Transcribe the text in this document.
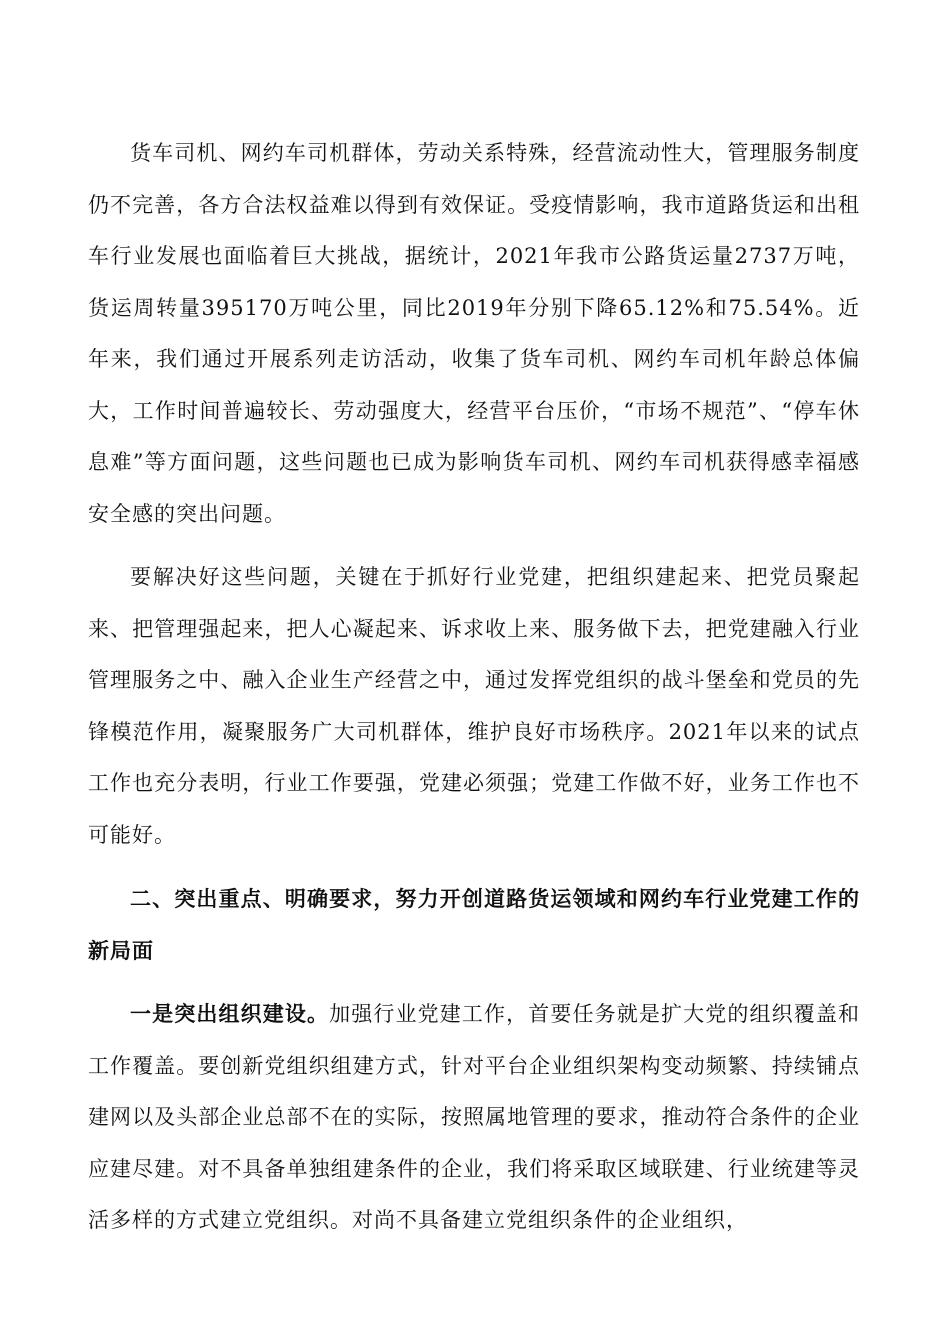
货车司机、网约车司机群体，劳动关系特殊，经营流动性大，管理服务制度仍不完善，各方合法权益难以得到有效保证。受疫情影响，我市道路货运和出租车行业发展也面临着巨大挑战，据统计，2021年我市公路货运量2737万吨，货运周转量395170万吨公里，同比2019年分别下降65.12%和75.54%。近年来，我们通过开展系列走访活动，收集了货车司机、网约车司机年龄总体偏大，工作时间普遍较长、劳动强度大，经营平台压价，“市场不规范”、“停车休息难”等方面问题，这些问题也已成为影响货车司机、网约车司机获得感幸福感安全感的突出问题。

要解决好这些问题，关键在于抓好行业党建，把组织建起来、把党员聚起来、把管理强起来，把人心凝起来、诉求收上来、服务做下去，把党建融入行业管理服务之中、融入企业生产经营之中，通过发挥党组织的战斗堡垒和党员的先锋模范作用，凝聚服务广大司机群体，维护良好市场秩序。2021年以来的试点工作也充分表明，行业工作要强，党建必须强；党建工作做不好，业务工作也不可能好。

二、突出重点、明确要求，努力开创道路货运领域和网约车行业党建工作的新局面

一是突出组织建设。加强行业党建工作，首要任务就是扩大党的组织覆盖和工作覆盖。要创新党组织组建方式，针对平台企业组织架构变动频繁、持续铺点建网以及头部企业总部不在的实际，按照属地管理的要求，推动符合条件的企业应建尽建。对不具备单独组建条件的企业，我们将采取区域联建、行业统建等灵活多样的方式建立党组织。对尚不具备建立党组织条件的企业组织，
